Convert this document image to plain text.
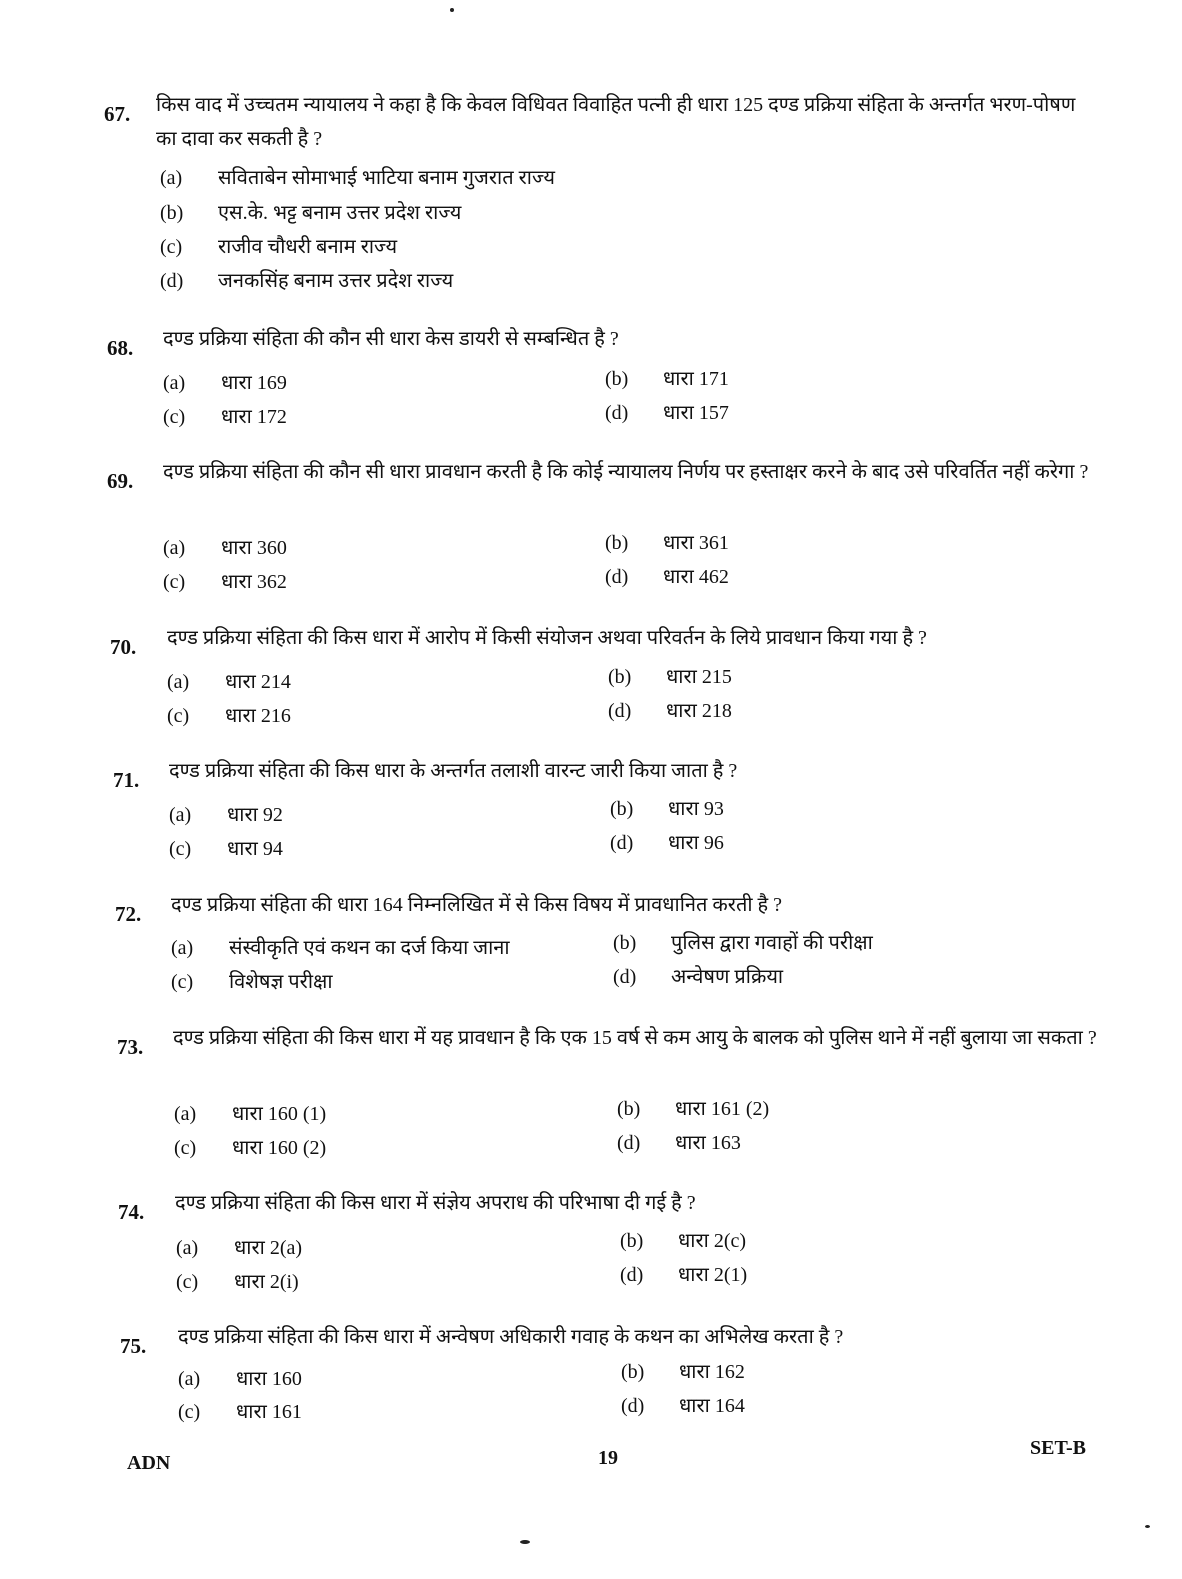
67. किस वाद में उच्चतम न्यायालय ने कहा है कि केवल विधिवत विवाहित पत्नी ही धारा 125 दण्ड प्रक्रिया संहिता के अन्तर्गत भरण-पोषण का दावा कर सकती है ?
(a) सविताबेन सोमाभाई भाटिया बनाम गुजरात राज्य
(b) एस.के. भट्ट बनाम उत्तर प्रदेश राज्य
(c) राजीव चौधरी बनाम राज्य
(d) जनकसिंह बनाम उत्तर प्रदेश राज्य
68. दण्ड प्रक्रिया संहिता की कौन सी धारा केस डायरी से सम्बन्धित है ?
(a) धारा 169	(b) धारा 171
(c) धारा 172	(d) धारा 157
69. दण्ड प्रक्रिया संहिता की कौन सी धारा प्रावधान करती है कि कोई न्यायालय निर्णय पर हस्ताक्षर करने के बाद उसे परिवर्तित नहीं करेगा ?
(a) धारा 360	(b) धारा 361
(c) धारा 362	(d) धारा 462
70. दण्ड प्रक्रिया संहिता की किस धारा में आरोप में किसी संयोजन अथवा परिवर्तन के लिये प्रावधान किया गया है ?
(a) धारा 214	(b) धारा 215
(c) धारा 216	(d) धारा 218
71. दण्ड प्रक्रिया संहिता की किस धारा के अन्तर्गत तलाशी वारन्ट जारी किया जाता है ?
(a) धारा 92	(b) धारा 93
(c) धारा 94	(d) धारा 96
72. दण्ड प्रक्रिया संहिता की धारा 164 निम्नलिखित में से किस विषय में प्रावधानित करती है ?
(a) संस्वीकृति एवं कथन का दर्ज किया जाना	(b) पुलिस द्वारा गवाहों की परीक्षा
(c) विशेषज्ञ परीक्षा	(d) अन्वेषण प्रक्रिया
73. दण्ड प्रक्रिया संहिता की किस धारा में यह प्रावधान है कि एक 15 वर्ष से कम आयु के बालक को पुलिस थाने में नहीं बुलाया जा सकता ?
(a) धारा 160 (1)	(b) धारा 161 (2)
(c) धारा 160 (2)	(d) धारा 163
74. दण्ड प्रक्रिया संहिता की किस धारा में संज्ञेय अपराध की परिभाषा दी गई है ?
(a) धारा 2(a)	(b) धारा 2(c)
(c) धारा 2(i)	(d) धारा 2(1)
75. दण्ड प्रक्रिया संहिता की किस धारा में अन्वेषण अधिकारी गवाह के कथन का अभिलेख करता है ?
(a) धारा 160	(b) धारा 162
(c) धारा 161	(d) धारा 164
ADN	19	SET-B
